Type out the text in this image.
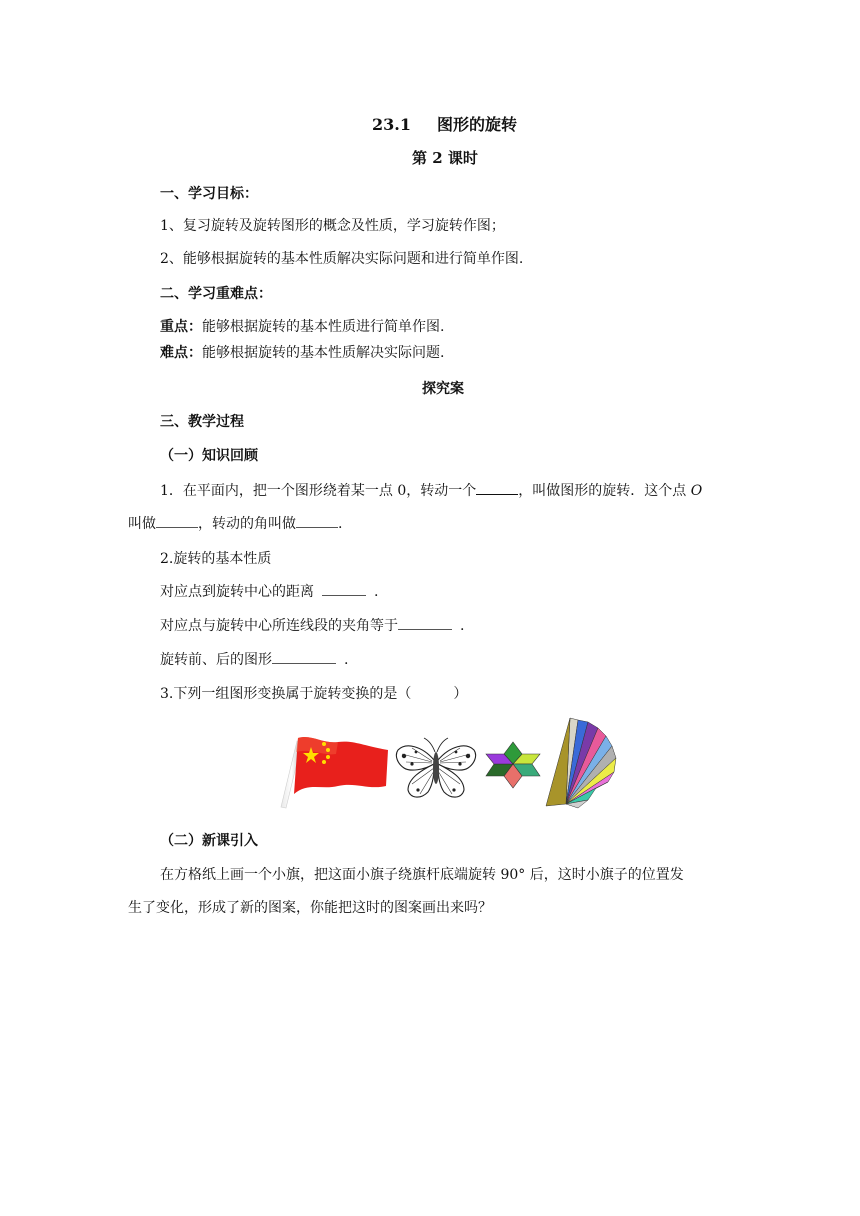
23.1 图形的旋转
第 2 课时
一、学习目标：
1、复习旋转及旋转图形的概念及性质，学习旋转作图；
2、能够根据旋转的基本性质解决实际问题和进行简单作图.
二、学习重难点：
重点：能够根据旋转的基本性质进行简单作图.
难点：能够根据旋转的基本性质解决实际问题.
探究案
三、教学过程
（一）知识回顾
1．在平面内，把一个图形绕着某一点 0，转动一个	，叫做图形的旋转．这个点 O
叫做	，转动的角叫做	.
2.旋转的基本性质
对应点到旋转中心的距离	.
对应点与旋转中心所连线段的夹角等于	.
旋转前、后的图形	.
3.下列一组图形变换属于旋转变换的是（　　　）
（二）新课引入
在方格纸上画一个小旗，把这面小旗子绕旗杆底端旋转 90° 后，这时小旗子的位置发
生了变化，形成了新的图案，你能把这时的图案画出来吗？
